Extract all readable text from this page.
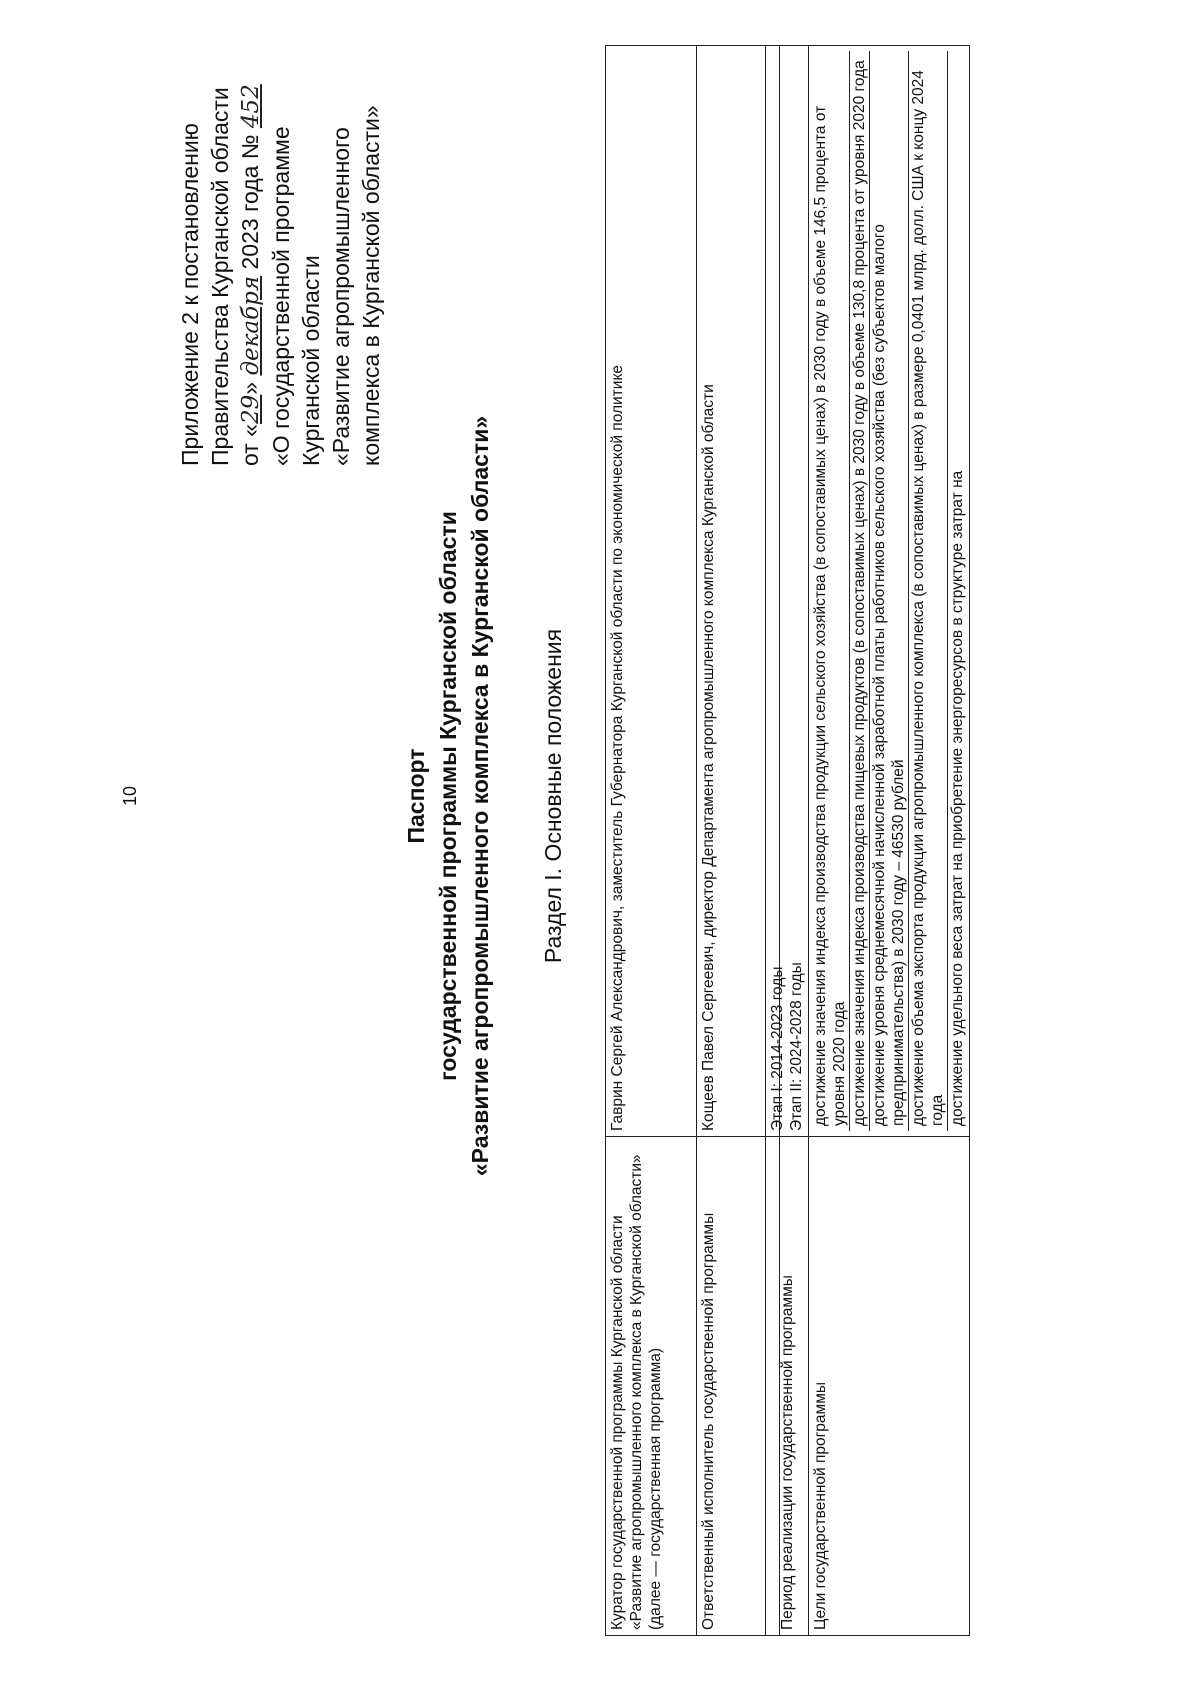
10
Приложение 2 к постановлению Правительства Курганской области от «29» декабря 2023 года № 452
«О государственной программе Курганской области «Развитие агропромышленного комплекса в Курганской области»
Паспорт государственной программы Курганской области «Развитие агропромышленного комплекса в Курганской области» Раздел I. Основные положения
Куратор государственной программы Курганской области «Развитие агропромышленного комплекса в Курганской области» (далее — государственная программа)	Гаврин Сергей Александрович, заместитель Губернатора Курганской области по экономической политике
Ответственный исполнитель государственной программы	Кощеев Павел Сергеевич, директор Департамента агропромышленного комплекса Курганской области
Период реализации государственной программы	Этап I: 2014-2023 годы Этап II: 2024-2028 годы

Цели государственной программы	достижение значения индекса производства продукции сельского хозяйства (в сопоставимых ценах) в 2030 году в объеме 146,5 процента от уровня 2020 года достижение значения индекса производства пищевых продуктов (в сопоставимых ценах) в 2030 году в объеме 130,8 процента от уровня 2020 года достижение уровня среднемесячной начисленной заработной платы работников сельского хозяйства (без субъектов малого предпринимательства) в 2030 году – 46530 рублей достижение объема экспорта продукции агропромышленного комплекса (в сопоставимых ценах) в размере 0,0401 млрд. долл. США к концу 2024 года достижение удельного веса затрат на приобретение энергоресурсов в структуре затрат на
